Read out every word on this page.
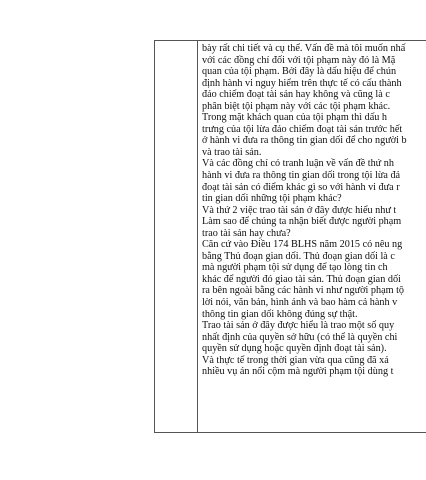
bày rất chi tiết và cụ thể. Vấn đề mà tôi muốn nhấ
với các đồng chí đối với tội phạm này đó là Mặ
quan của tội phạm. Bởi đây là dấu hiệu để chún
định hành vi nguy hiểm trên thực tế có cấu thành
đảo chiếm đoạt tài sản hay không và cũng là c
phân biệt tội phạm này với các tội phạm khác.
Trong mặt khách quan của tội phạm thì dấu h
trưng của tội lừa đảo chiếm đoạt tài sản trước hết
ở hành vi đưa ra thông tin gian dối để cho người b
và trao tài sản.
Và các đồng chí có tranh luận về vấn đề thứ nh
hành vi đưa ra thông tin gian dối trong tội lừa đả
đoạt tài sản có điểm khác gì so với hành vi đưa r
tin gian dối những tội phạm khác?
Và thứ 2 việc trao tài sản ở đây được hiểu như t
Làm sao để chúng ta nhận biết được người phạm
trao tài sản hay chưa?
Căn cứ vào Điều 174 BLHS năm 2015 có nêu ng
bằng Thủ đoạn gian dối. Thủ đoạn gian dối là c
mà người phạm tội sử dụng để tạo lòng tin ch
khác để người đó giao tài sản. Thủ đoạn gian dối
ra bên ngoài bằng các hành vi như người phạm tộ
lời nói, văn bản, hình ảnh và bao hàm cả hành v
thông tin gian dối không đúng sự thật.
Trao tài sản ở đây được hiểu là trao một số quy
nhất định của quyền sở hữu (có thể là quyền chi
quyền sử dụng hoặc quyền định đoạt tài sản).
Và thực tế trong thời gian vừa qua cũng đã xả
nhiều vụ án nổi cộm mà người phạm tội dùng t
